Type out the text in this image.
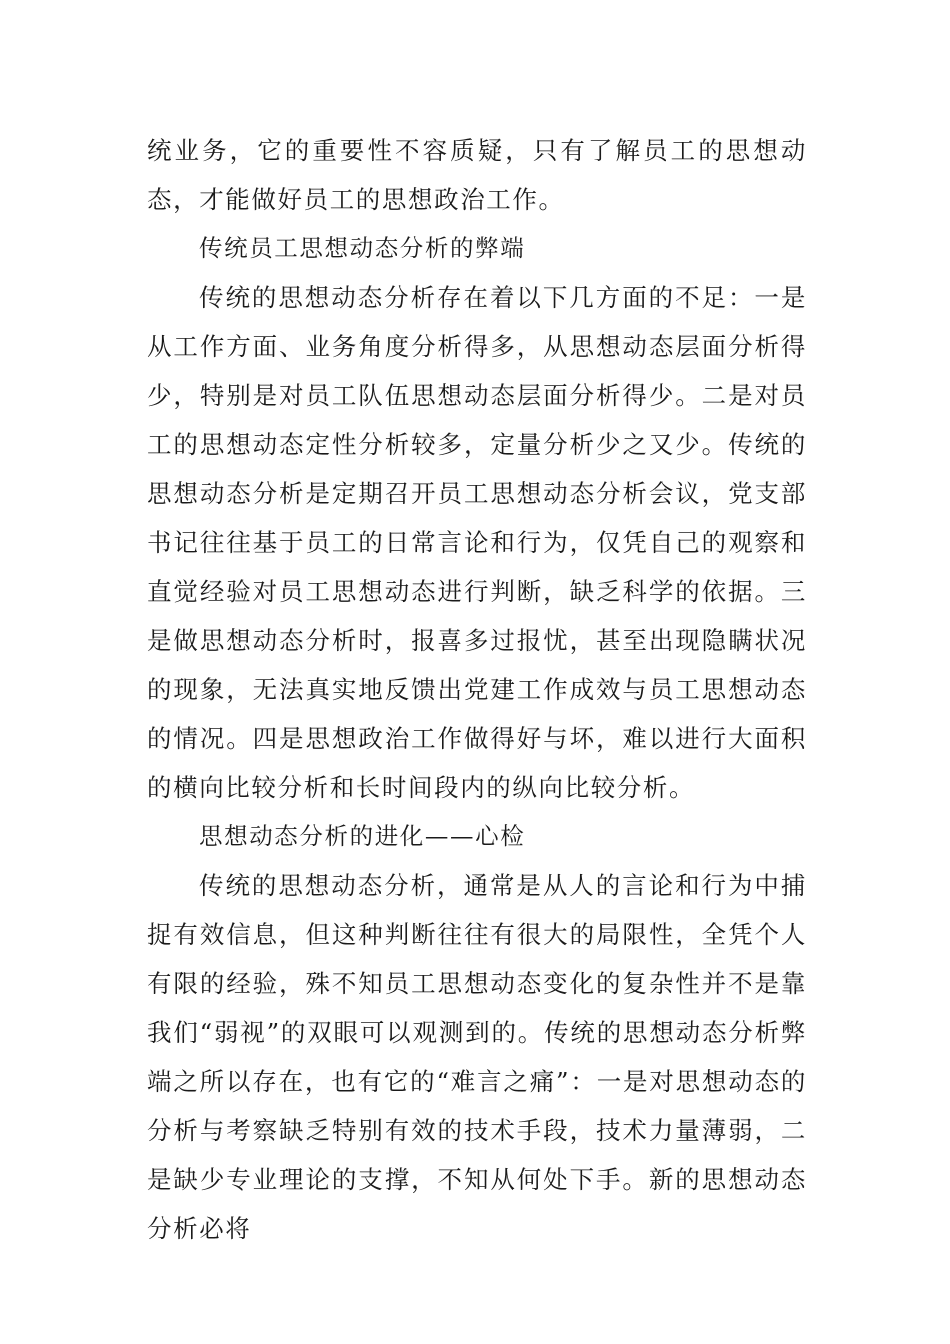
统业务，它的重要性不容质疑，只有了解员工的思想动态，才能做好员工的思想政治工作。

传统员工思想动态分析的弊端

传统的思想动态分析存在着以下几方面的不足：一是从工作方面、业务角度分析得多，从思想动态层面分析得少，特别是对员工队伍思想动态层面分析得少。二是对员工的思想动态定性分析较多，定量分析少之又少。传统的思想动态分析是定期召开员工思想动态分析会议，党支部书记往往基于员工的日常言论和行为，仅凭自己的观察和直觉经验对员工思想动态进行判断，缺乏科学的依据。三是做思想动态分析时，报喜多过报忧，甚至出现隐瞒状况的现象，无法真实地反馈出党建工作成效与员工思想动态的情况。四是思想政治工作做得好与坏，难以进行大面积的横向比较分析和长时间段内的纵向比较分析。

思想动态分析的进化——心检

传统的思想动态分析，通常是从人的言论和行为中捕捉有效信息，但这种判断往往有很大的局限性，全凭个人有限的经验，殊不知员工思想动态变化的复杂性并不是靠我们“弱视”的双眼可以观测到的。传统的思想动态分析弊端之所以存在，也有它的“难言之痛”：一是对思想动态的分析与考察缺乏特别有效的技术手段，技术力量薄弱，二是缺少专业理论的支撑，不知从何处下手。新的思想动态分析必将
